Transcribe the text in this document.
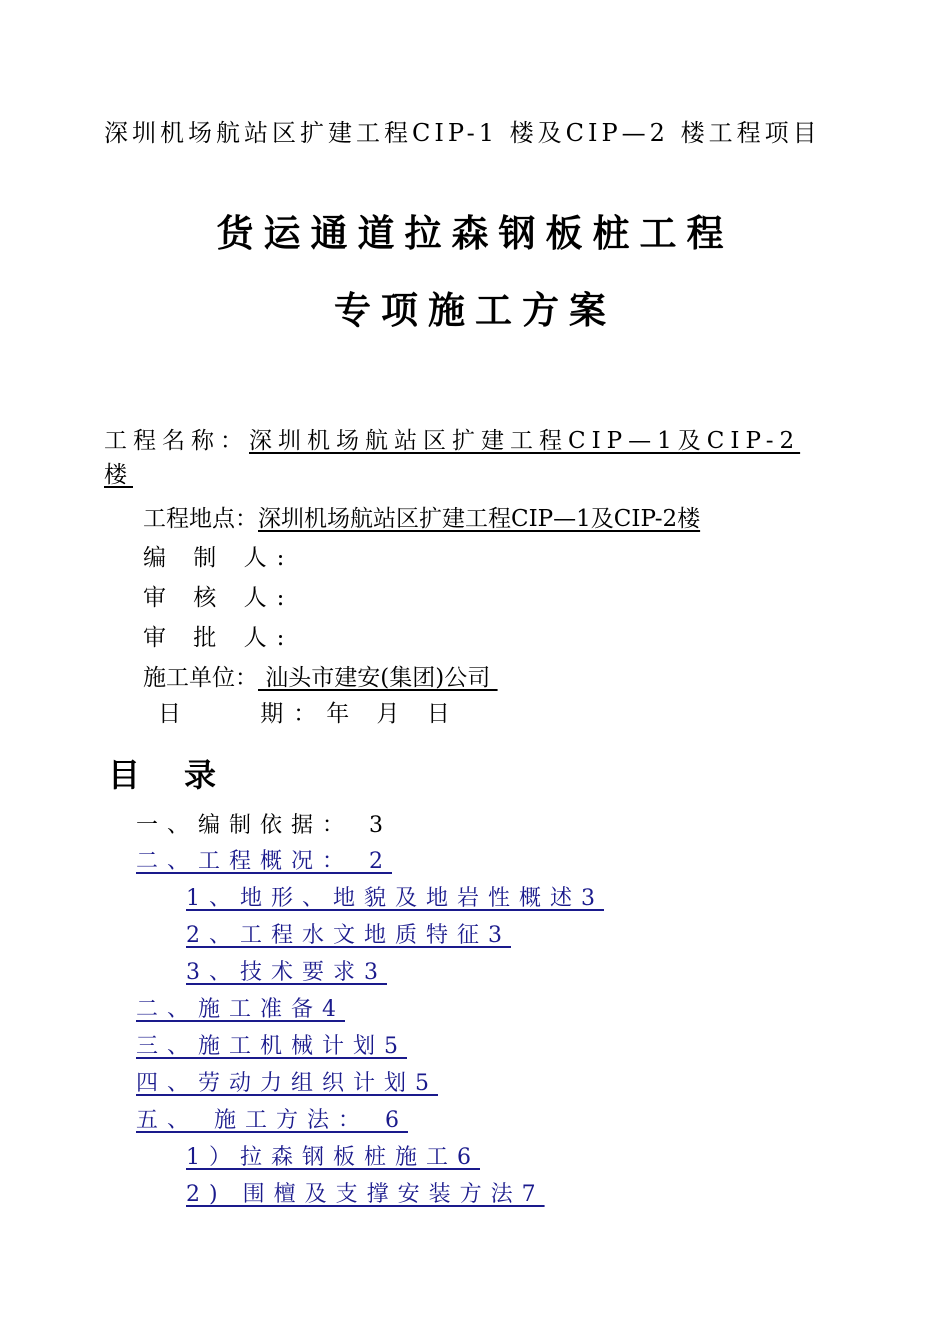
深圳机场航站区扩建工程CIP-1 楼及CIP—2 楼工程项目
货运通道拉森钢板桩工程
专项施工方案
工程名称：深圳机场航站区扩建工程CIP—1及CIP-2楼
工程地点：深圳机场航站区扩建工程CIP—1及CIP-2楼
编 制 人:
审 核 人:
审 批 人:
施工单位： 汕头市建安(集团)公司
日    期：年 月 日
目录
一、编制依据： 3
二、工程概况： 2
1、地形、地貌及地岩性概述3
2、工程水文地质特征3
3、技术要求3
二、施工准备4
三、施工机械计划5
四、劳动力组织计划5
五、 施工方法： 6
1）拉森钢板桩施工6
2) 围檀及支撑安装方法7
